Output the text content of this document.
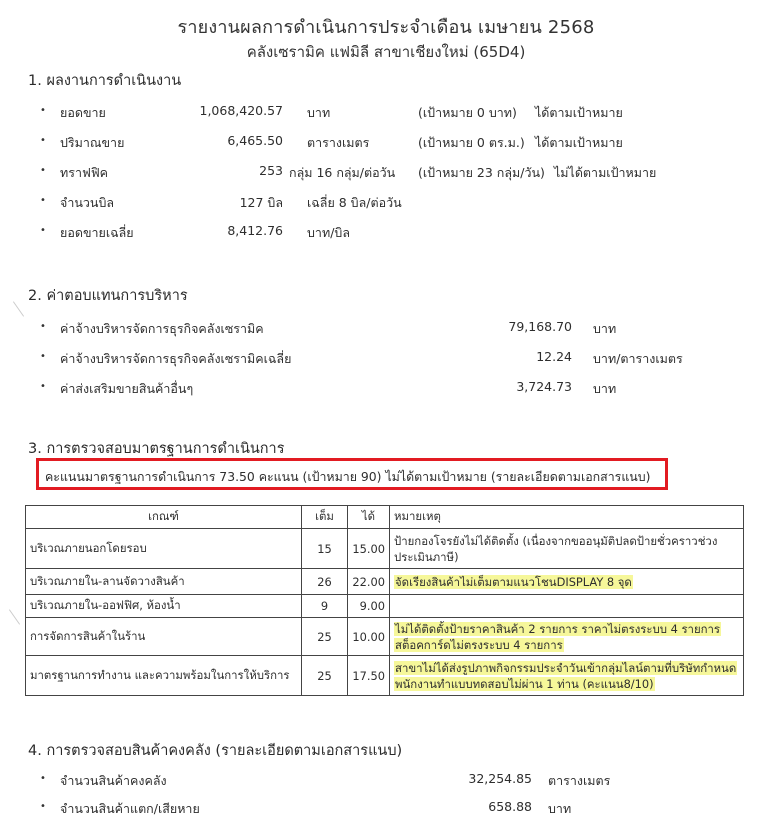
รายงานผลการดำเนินการประจำเดือน เมษายน 2568
คลังเซรามิค แฟมิลี สาขาเชียงใหม่ (65D4)
1. ผลงานการดำเนินงาน
• ยอดขาย	1,068,420.57 บาท	(เป้าหมาย 0 บาท) ได้ตามเป้าหมาย
• ปริมาณขาย	6,465.50 ตารางเมตร	(เป้าหมาย 0 ตร.ม.) ได้ตามเป้าหมาย
• ทราฟฟิค	253 กลุ่ม 16 กลุ่ม/ต่อวัน (เป้าหมาย 23 กลุ่ม/วัน) ไม่ได้ตามเป้าหมาย
• จำนวนบิล	127 บิล เฉลี่ย 8 บิล/ต่อวัน
• ยอดขายเฉลี่ย	8,412.76 บาท/บิล
2. ค่าตอบแทนการบริหาร
• ค่าจ้างบริหารจัดการธุรกิจคลังเซรามิค	79,168.70 บาท
• ค่าจ้างบริหารจัดการธุรกิจคลังเซรามิคเฉลี่ย	12.24 บาท/ตารางเมตร
• ค่าส่งเสริมขายสินค้าอื่นๆ	3,724.73 บาท
3. การตรวจสอบมาตรฐานการดำเนินการ
คะแนนมาตรฐานการดำเนินการ 73.50 คะแนน (เป้าหมาย 90) ไม่ได้ตามเป้าหมาย (รายละเอียดตามเอกสารแนบ)
เกณฑ์	เต็ม	ได้	หมายเหตุ
บริเวณภายนอกโดยรอบ	15	15.00	ป้ายกองโจรยังไม่ได้ติดตั้ง (เนื่องจากขออนุมัติปลดป้ายชั่วคราวช่วงประเมินภาษี)
บริเวณภายใน-ลานจัดวางสินค้า	26	22.00	จัดเรียงสินค้าไม่เต็มตามแนวโชนDISPLAY 8 จุด
บริเวณภายใน-ออฟฟิศ, ห้องน้ำ	9	9.00	
การจัดการสินค้าในร้าน	25	10.00	ไม่ได้ติดตั้งป้ายราคาสินค้า 2 รายการ ราคาไม่ตรงระบบ 4 รายการ สต็อคการ์ดไม่ตรงระบบ 4 รายการ
มาตรฐานการทำงาน และความพร้อมในการให้บริการ	25	17.50	สาขาไม่ได้ส่งรูปภาพกิจกรรมประจำวันเข้ากลุ่มไลน์ตามที่บริษัทกำหนด พนักงานทำแบบทดสอบไม่ผ่าน 1 ท่าน (คะแนน8/10)
4. การตรวจสอบสินค้าคงคลัง (รายละเอียดตามเอกสารแนบ)
• จำนวนสินค้าคงคลัง	32,254.85 ตารางเมตร
• จำนวนสินค้าแตก/เสียหาย	658.88 บาท
